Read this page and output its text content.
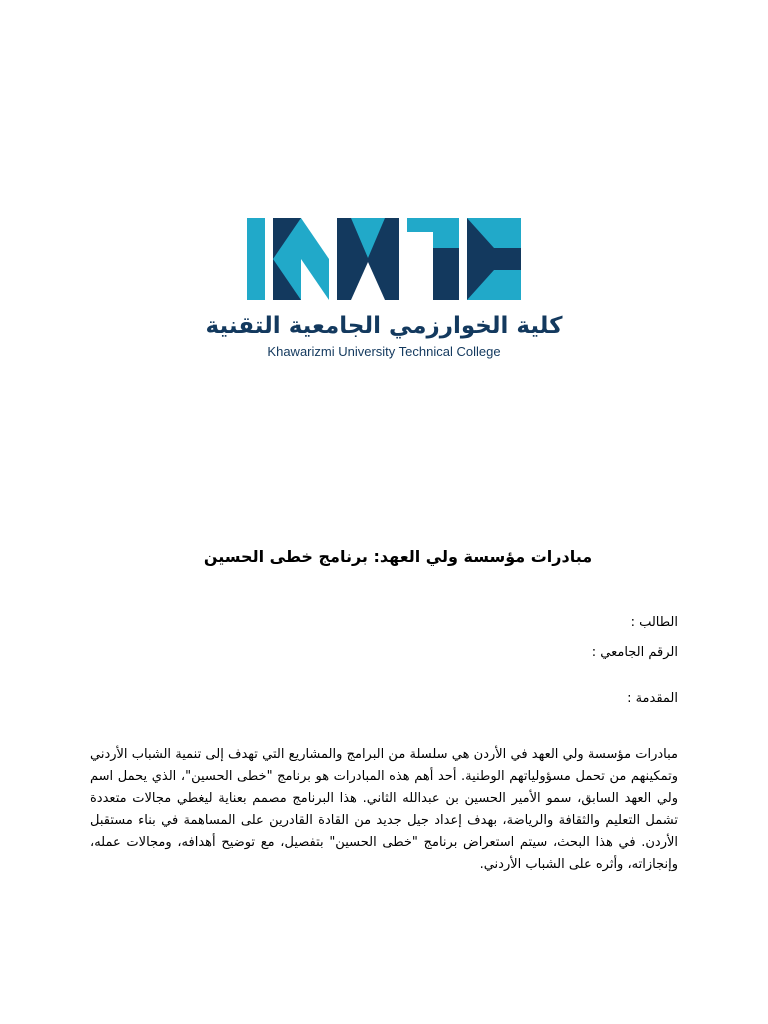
كلية الخوارزمي الجامعية التقنية
Khawarizmi University Technical College
مبادرات مؤسسة ولي العهد: برنامج خطى الحسين
الطالب :
الرقم الجامعي :
المقدمة :
مبادرات مؤسسة ولي العهد في الأردن هي سلسلة من البرامج والمشاريع التي تهدف إلى تنمية الشباب الأردني وتمكينهم من تحمل مسؤولياتهم الوطنية. أحد أهم هذه المبادرات هو برنامج "خطى الحسين"، الذي يحمل اسم ولي العهد السابق، سمو الأمير الحسين بن عبدالله الثاني. هذا البرنامج مصمم بعناية ليغطي مجالات متعددة تشمل التعليم والثقافة والرياضة، بهدف إعداد جيل جديد من القادة القادرين على المساهمة في بناء مستقبل الأردن. في هذا البحث، سيتم استعراض برنامج "خطى الحسين" بتفصيل، مع توضيح أهدافه، ومجالات عمله، وإنجازاته، وأثره على الشباب الأردني.
